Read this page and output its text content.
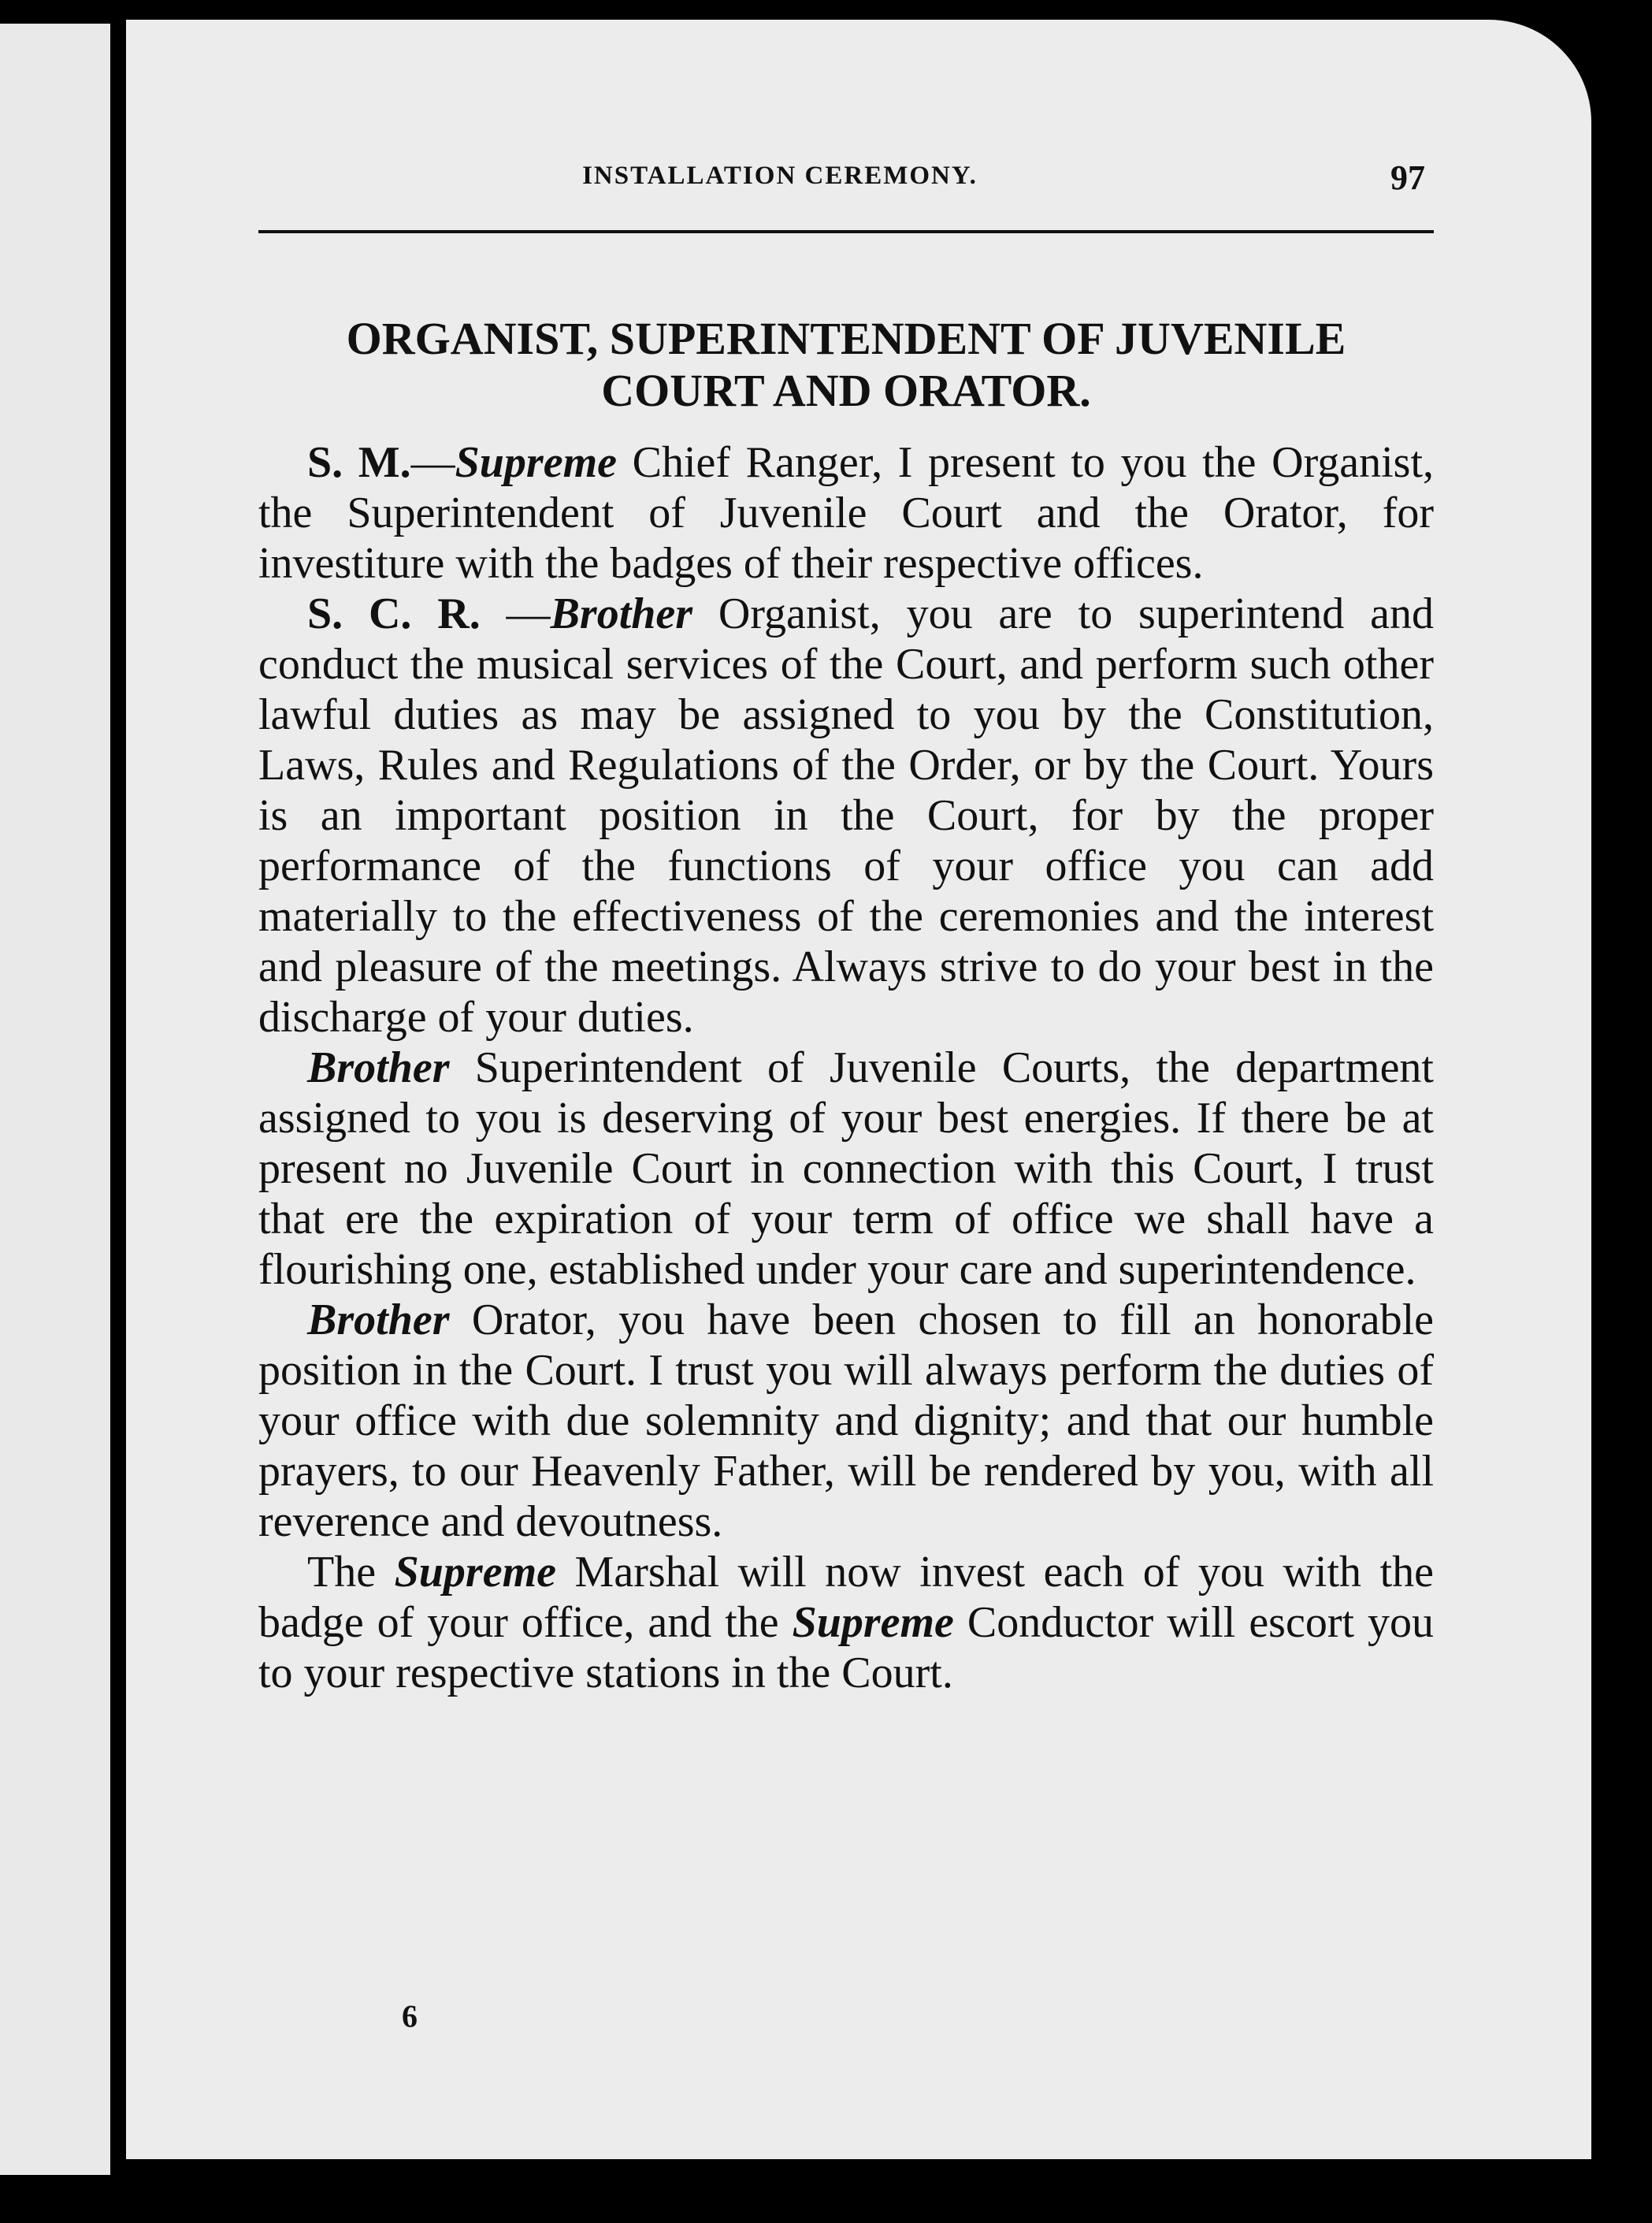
INSTALLATION CEREMONY.	97
ORGANIST, SUPERINTENDENT OF JUVENILE
COURT AND ORATOR.

S. M.—Supreme Chief Ranger, I present to you the Organist, the Superintendent of Juvenile Court and the Orator, for investiture with the badges of their respective offices.

S. C. R. —Brother Organist, you are to superintend and conduct the musical services of the Court, and perform such other lawful duties as may be assigned to you by the Constitution, Laws, Rules and Regulations of the Order, or by the Court. Yours is an important position in the Court, for by the proper performance of the functions of your office you can add materially to the effectiveness of the ceremonies and the interest and pleasure of the meetings. Always strive to do your best in the discharge of your duties.

Brother Superintendent of Juvenile Courts, the department assigned to you is deserving of your best energies. If there be at present no Juvenile Court in connection with this Court, I trust that ere the expiration of your term of office we shall have a flourishing one, established under your care and superintendence.

Brother Orator, you have been chosen to fill an honorable position in the Court. I trust you will always perform the duties of your office with due solemnity and dignity; and that our humble prayers, to our Heavenly Father, will be rendered by you, with all reverence and devoutness.

The Supreme Marshal will now invest each of you with the badge of your office, and the Supreme Conductor will escort you to your respective stations in the Court.

6
